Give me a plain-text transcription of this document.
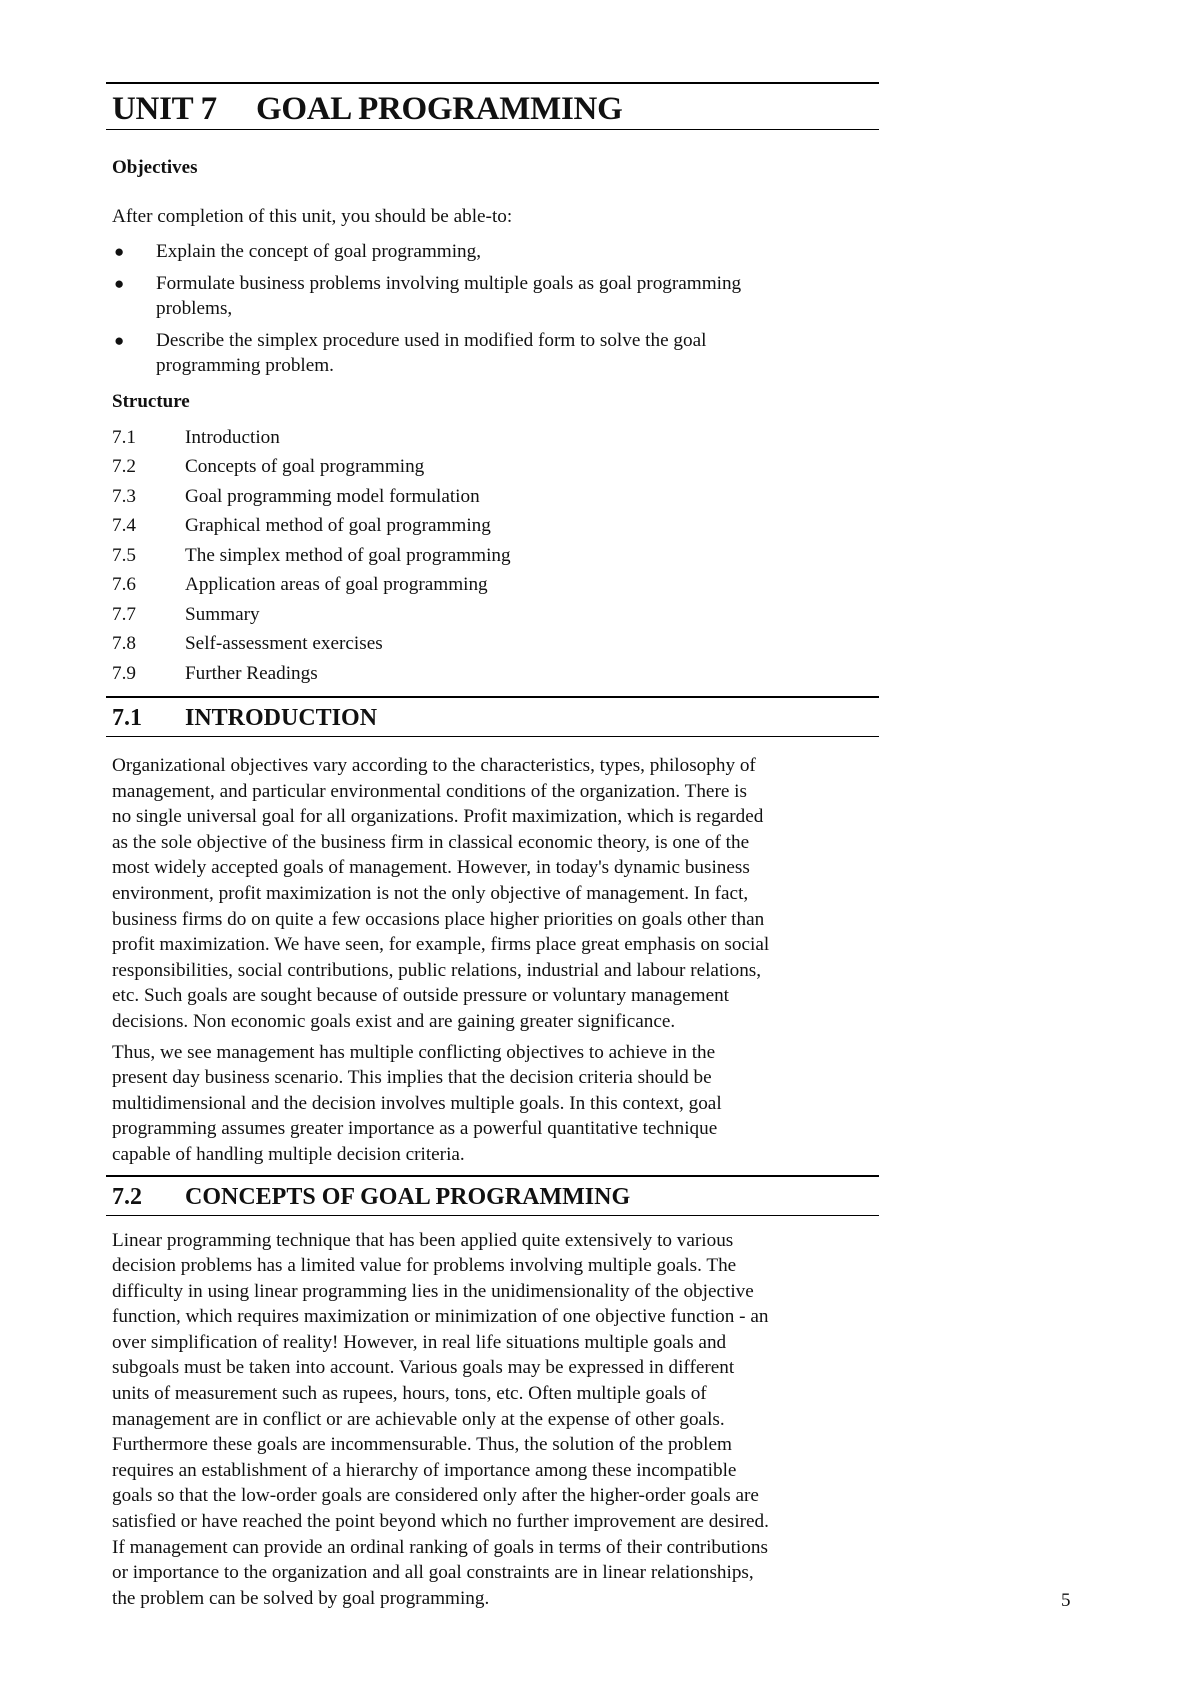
UNIT 7 GOAL PROGRAMMING
Objectives

After completion of this unit, you should be able-to:

● Explain the concept of goal programming,
● Formulate business problems involving multiple goals as goal programming
problems,
● Describe the simplex procedure used in modified form to solve the goal
programming problem.
Structure
7.1	Introduction
7.2	Concepts of goal programming
7.3	Goal programming model formulation
7.4	Graphical method of goal programming
7.5	The simplex method of goal programming
7.6	Application areas of goal programming
7.7	Summary
7.8	Self-assessment exercises
7.9	Further Readings
7.1 INTRODUCTION

Organizational objectives vary according to the characteristics, types, philosophy of
management, and particular environmental conditions of the organization. There is
no single universal goal for all organizations. Profit maximization, which is regarded
as the sole objective of the business firm in classical economic theory, is one of the
most widely accepted goals of management. However, in today's dynamic business
environment, profit maximization is not the only objective of management. In fact,
business firms do on quite a few occasions place higher priorities on goals other than
profit maximization. We have seen, for example, firms place great emphasis on social
responsibilities, social contributions, public relations, industrial and labour relations,
etc. Such goals are sought because of outside pressure or voluntary management
decisions. Non economic goals exist and are gaining greater significance.

Thus, we see management has multiple conflicting objectives to achieve in the
present day business scenario. This implies that the decision criteria should be
multidimensional and the decision involves multiple goals. In this context, goal
programming assumes greater importance as a powerful quantitative technique
capable of handling multiple decision criteria.

7.2 CONCEPTS OF GOAL PROGRAMMING

Linear programming technique that has been applied quite extensively to various
decision problems has a limited value for problems involving multiple goals. The
difficulty in using linear programming lies in the unidimensionality of the objective
function, which requires maximization or minimization of one objective function - an
over simplification of reality! However, in real life situations multiple goals and
subgoals must be taken into account. Various goals may be expressed in different
units of measurement such as rupees, hours, tons, etc. Often multiple goals of
management are in conflict or are achievable only at the expense of other goals.
Furthermore these goals are incommensurable. Thus, the solution of the problem
requires an establishment of a hierarchy of importance among these incompatible
goals so that the low-order goals are considered only after the higher-order goals are
satisfied or have reached the point beyond which no further improvement are desired.
If management can provide an ordinal ranking of goals in terms of their contributions
or importance to the organization and all goal constraints are in linear relationships,
the problem can be solved by goal programming.	5
